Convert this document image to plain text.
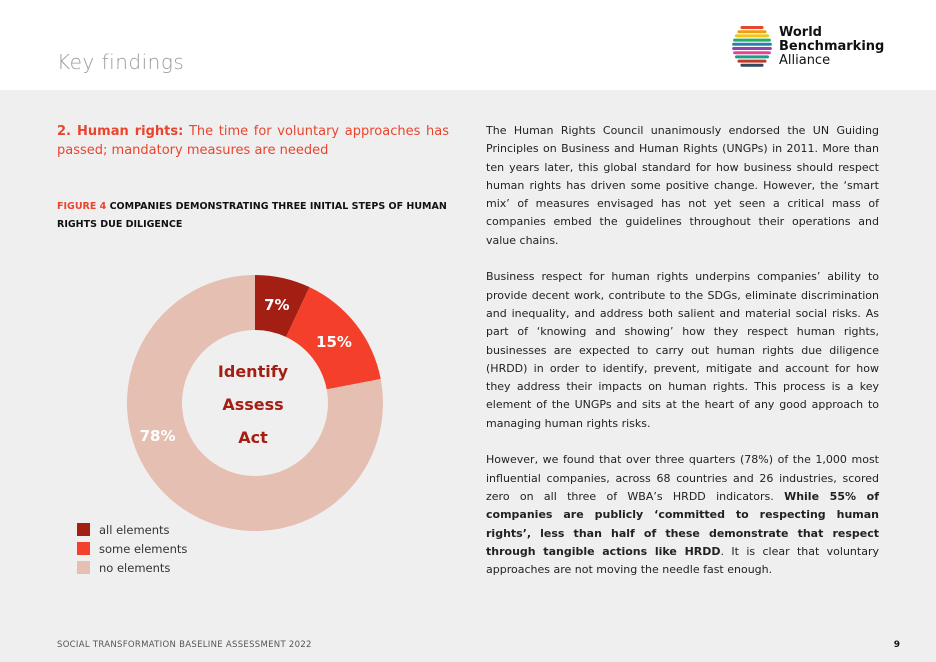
Key findings
World
Benchmarking
Alliance
2. Human rights: The time for voluntary approaches has passed; mandatory measures are needed
FIGURE 4 COMPANIES DEMONSTRATING THREE INITIAL STEPS OF HUMAN RIGHTS DUE DILIGENCE
7%
15%
78%
Identify
Assess
Act
all elements
some elements
no elements

The Human Rights Council unanimously endorsed the UN Guiding Principles on Business and Human Rights (UNGPs) in 2011. More than ten years later, this global standard for how business should respect human rights has driven some positive change. However, the ‘smart mix’ of measures envisaged has not yet seen a critical mass of companies embed the guidelines throughout their operations and value chains.

Business respect for human rights underpins companies’ ability to provide decent work, contribute to the SDGs, eliminate discrimination and inequality, and address both salient and material social risks. As part of ‘knowing and showing’ how they respect human rights, businesses are expected to carry out human rights due diligence (HRDD) in order to identify, prevent, mitigate and account for how they address their impacts on human rights. This process is a key element of the UNGPs and sits at the heart of any good approach to managing human rights risks.

However, we found that over three quarters (78%) of the 1,000 most influential companies, across 68 countries and 26 industries, scored zero on all three of WBA’s HRDD indicators. While 55% of companies are publicly ‘committed to respecting human rights’, less than half of these demonstrate that respect through tangible actions like HRDD. It is clear that voluntary approaches are not moving the needle fast enough.

SOCIAL TRANSFORMATION BASELINE ASSESSMENT 2022	9
